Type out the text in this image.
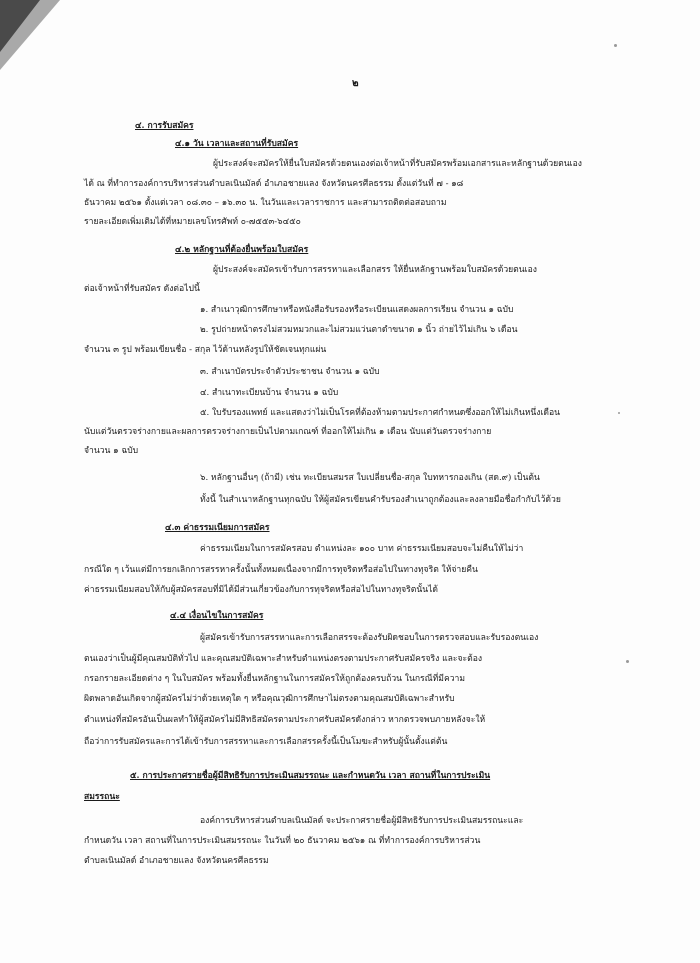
๒
๔. การรับสมัคร
๔.๑ วัน เวลาและสถานที่รับสมัคร
ผู้ประสงค์จะสมัครให้ยื่นใบสมัครด้วยตนเองต่อเจ้าหน้าที่รับสมัครพร้อมเอกสารและหลักฐานด้วยตนเอง
ได้ ณ ที่ทำการองค์การบริหารส่วนตำบลเนินมัลด์ อำเภอชายแลง จังหวัดนครศีลธรรม ตั้งแต่วันที่ ๗ - ๑๘
ธันวาคม ๒๕๖๑ ตั้งแต่เวลา ๐๘.๓๐ – ๑๖.๓๐ น. ในวันและเวลาราชการ และสามารถติดต่อสอบถาม
รายละเอียดเพิ่มเติมได้ที่หมายเลขโทรศัพท์ ๐-๗๕๕๓-๖๔๕๐
๔.๒ หลักฐานที่ต้องยื่นพร้อมใบสมัคร
ผู้ประสงค์จะสมัครเข้ารับการสรรหาและเลือกสรร ให้ยื่นหลักฐานพร้อมใบสมัครด้วยตนเอง
ต่อเจ้าหน้าที่รับสมัคร ดังต่อไปนี้
๑. สำเนาวุฒิการศึกษาหรือหนังสือรับรองหรือระเบียนแสดงผลการเรียน จำนวน ๑ ฉบับ
๒. รูปถ่ายหน้าตรงไม่สวมหมวกและไม่สวมแว่นตาดำขนาด ๑ นิ้ว ถ่ายไว้ไม่เกิน ๖ เดือน
จำนวน ๓ รูป พร้อมเขียนชื่อ - สกุล ไว้ด้านหลังรูปให้ชัดเจนทุกแผ่น
๓. สำเนาบัตรประจำตัวประชาชน จำนวน ๑ ฉบับ
๔. สำเนาทะเบียนบ้าน จำนวน ๑ ฉบับ
๕. ใบรับรองแพทย์ และแสดงว่าไม่เป็นโรคที่ต้องห้ามตามประกาศกำหนดซึ่งออกให้ไม่เกินหนึ่งเดือน
นับแต่วันตรวจร่างกายและผลการตรวจร่างกายเป็นไปตามเกณฑ์ ที่ออกให้ไม่เกิน ๑ เดือน นับแต่วันตรวจร่างกาย
จำนวน ๑ ฉบับ
๖. หลักฐานอื่นๆ (ถ้ามี) เช่น ทะเบียนสมรส ใบเปลี่ยนชื่อ-สกุล ใบทหารกองเกิน (สด.๙) เป็นต้น
ทั้งนี้ ในสำเนาหลักฐานทุกฉบับ ให้ผู้สมัครเขียนคำรับรองสำเนาถูกต้องและลงลายมือชื่อกำกับไว้ด้วย
๔.๓ ค่าธรรมเนียมการสมัคร
ค่าธรรมเนียมในการสมัครสอบ ตำแหน่งละ ๑๐๐ บาท ค่าธรรมเนียมสอบจะไม่คืนให้ไม่ว่า
กรณีใด ๆ เว้นแต่มีการยกเลิกการสรรหาครั้งนั้นทั้งหมดเนื่องจากมีการทุจริตหรือส่อไปในทางทุจริต ให้จ่ายคืน
ค่าธรรมเนียมสอบให้กับผู้สมัครสอบที่มิได้มีส่วนเกี่ยวข้องกับการทุจริตหรือส่อไปในทางทุจริตนั้นได้
๔.๔ เงื่อนไขในการสมัคร
ผู้สมัครเข้ารับการสรรหาและการเลือกสรรจะต้องรับผิดชอบในการตรวจสอบและรับรองตนเอง
ตนเองว่าเป็นผู้มีคุณสมบัติทั่วไป และคุณสมบัติเฉพาะสำหรับตำแหน่งตรงตามประกาศรับสมัครจริง และจะต้อง
กรอกรายละเอียดต่าง ๆ ในใบสมัคร พร้อมทั้งยื่นหลักฐานในการสมัครให้ถูกต้องครบถ้วน ในกรณีที่มีความ
ผิดพลาดอันเกิดจากผู้สมัครไม่ว่าด้วยเหตุใด ๆ หรือคุณวุฒิการศึกษาไม่ตรงตามคุณสมบัติเฉพาะสำหรับ
ตำแหน่งที่สมัครอันเป็นผลทำให้ผู้สมัครไม่มีสิทธิสมัครตามประกาศรับสมัครดังกล่าว หากตรวจพบภายหลังจะให้
ถือว่าการรับสมัครและการได้เข้ารับการสรรหาและการเลือกสรรครั้งนี้เป็นโมฆะสำหรับผู้นั้นตั้งแต่ต้น
๕. การประกาศรายชื่อผู้มีสิทธิรับการประเมินสมรรถนะ และกำหนดวัน เวลา สถานที่ในการประเมิน
สมรรถนะ
องค์การบริหารส่วนตำบลเนินมัลด์ จะประกาศรายชื่อผู้มีสิทธิรับการประเมินสมรรถนะและ
กำหนดวัน เวลา สถานที่ในการประเมินสมรรถนะ ในวันที่ ๒๐ ธันวาคม ๒๕๖๑ ณ ที่ทำการองค์การบริหารส่วน
ตำบลเนินมัลด์ อำเภอชายแลง จังหวัดนครศีลธรรม
